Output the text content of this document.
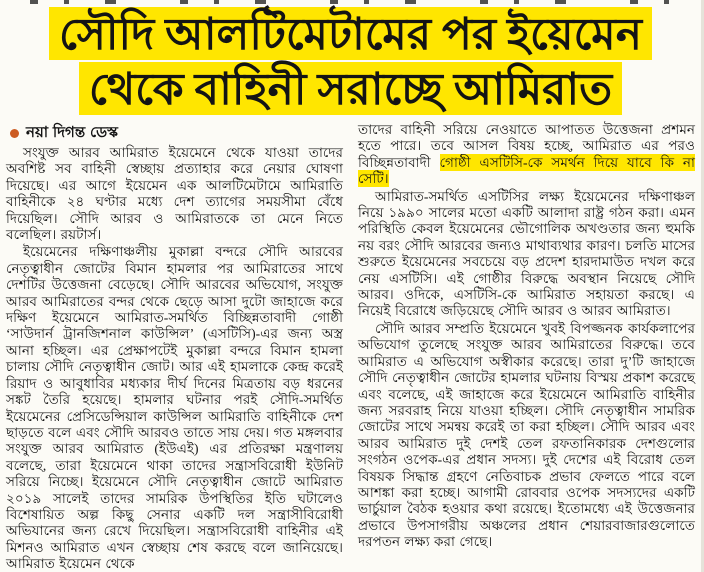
সৌদি আলটিমেটামের পর ইয়েমেন
থেকে বাহিনী সরাচ্ছে আমিরাত
নয়া দিগন্ত ডেস্ক

সংযুক্ত আরব আমিরাত ইয়েমেনে থেকে যাওয়া তাদের অবশিষ্ট সব বাহিনী স্বেচ্ছায় প্রত্যাহার করে নেয়ার ঘোষণা দিয়েছে। এর আগে ইয়েমেন এক আলটিমেটামে আমিরাতি বাহিনীকে ২৪ ঘণ্টার মধ্যে দেশ ত্যাগের সময়সীমা বেঁধে দিয়েছিল। সৌদি আরব ও আমিরাতকে তা মেনে নিতে বলেছিল। রয়টার্স।

ইয়েমেনের দক্ষিণাঞ্চলীয় মুকাল্লা বন্দরে সৌদি আরবের নেতৃত্বাধীন জোটের বিমান হামলার পর আমিরাতের সাথে দেশটির উত্তেজনা বেড়েছে। সৌদি আরবের অভিযোগ, সংযুক্ত আরব আমিরাতের বন্দর থেকে ছেড়ে আসা দুটো জাহাজে করে দক্ষিণ ইয়েমেনে আমিরাত-সমর্থিত বিচ্ছিন্নতাবাদী গোষ্ঠী ‘সাউদার্ন ট্রানজিশনাল কাউন্সিল’ (এসটিসি)-এর জন্য অস্ত্র আনা হচ্ছিল। এর প্রেক্ষাপটেই মুকাল্লা বন্দরে বিমান হামলা চালায় সৌদি নেতৃত্বাধীন জোট। আর এই হামলাকে কেন্দ্র করেই রিয়াদ ও আবুধাবির মধ্যকার দীর্ঘ দিনের মিত্রতায় বড় ধরনের সঙ্কট তৈরি হয়েছে। হামলার ঘটনার পরই সৌদি-সমর্থিত ইয়েমেনের প্রেসিডেন্সিয়াল কাউন্সিল আমিরাতি বাহিনীকে দেশ ছাড়তে বলে এবং সৌদি আরবও তাতে সায় দেয়। গত মঙ্গলবার সংযুক্ত আরব আমিরাত (ইউএই) এর প্রতিরক্ষা মন্ত্রণালয় বলেছে, তারা ইয়েমেনে থাকা তাদের সন্ত্রাসবিরোধী ইউনিট সরিয়ে নিচ্ছে। ইয়েমেনে সৌদি নেতৃত্বাধীন জোটে আমিরাত ২০১৯ সালেই তাদের সামরিক উপস্থিতির ইতি ঘটালেও বিশেষায়িত অল্প কিছু সেনার একটি দল সন্ত্রাসীবিরোধী অভিযানের জন্য রেখে দিয়েছিল। সন্ত্রাসবিরোধী বাহিনীর এই মিশনও আমিরাত এখন স্বেচ্ছায় শেষ করছে বলে জানিয়েছে। আমিরাত ইয়েমেন থেকে

তাদের বাহিনী সরিয়ে নেওয়াতে আপাতত উত্তেজনা প্রশমন হতে পারে। তবে আসল বিষয় হচ্ছে, আমিরাত এর পরও বিচ্ছিন্নতাবাদী গোষ্ঠী এসটিসি-কে সমর্থন দিয়ে যাবে কি না সেটি।

আমিরাত-সমর্থিত এসটিসির লক্ষ্য ইয়েমেনের দক্ষিণাঞ্চল নিয়ে ১৯৯০ সালের মতো একটি আলাদা রাষ্ট্র গঠন করা। এমন পরিস্থিতি কেবল ইয়েমেনের ভৌগোলিক অখণ্ডতার জন্য হুমকি নয় বরং সৌদি আরবের জন্যও মাথাব্যথার কারণ। চলতি মাসের শুরুতে ইয়েমেনের সবচেয়ে বড় প্রদেশ হারদামাউত দখল করে নেয় এসটিসি। এই গোষ্ঠীর বিরুদ্ধে অবস্থান নিয়েছে সৌদি আরব। ওদিকে, এসটিসি-কে আমিরাত সহায়তা করছে। এ নিয়েই বিরোধে জড়িয়েছে সৌদি আরব ও আরব আমিরাত।

সৌদি আরব সম্প্রতি ইয়েমেনে খুবই বিপজ্জনক কার্যকলাপের অভিযোগ তুলেছে সংযুক্ত আরব আমিরাতের বিরুদ্ধে। তবে আমিরাত এ অভিযোগ অস্বীকার করেছে। তারা দু’টি জাহাজে সৌদি নেতৃত্বাধীন জোটের হামলার ঘটনায় বিস্ময় প্রকাশ করেছে এবং বলেছে, এই জাহাজে করে ইয়েমেনে আমিরাতি বাহিনীর জন্য সরবরাহ নিয়ে যাওয়া হচ্ছিল। সৌদি নেতৃত্বাধীন সামরিক জোটের সাথে সমন্বয় করেই তা করা হচ্ছিল। সৌদি আরব এবং আরব আমিরাত দুই দেশই তেল রফতানিকারক দেশগুলোর সংগঠন ওপেক-এর প্রধান সদস্য। দুই দেশের এই বিরোধ তেল বিষয়ক সিদ্ধান্ত গ্রহণে নেতিবাচক প্রভাব ফেলতে পারে বলে আশঙ্কা করা হচ্ছে। আগামী রোববার ওপেক সদস্যদের একটি ভার্চুয়াল বৈঠক হওয়ার কথা রয়েছে। ইতোমধ্যে এই উত্তেজনার প্রভাবে উপসাগরীয় অঞ্চলের প্রধান শেয়ারবাজারগুলোতে দরপতন লক্ষ্য করা গেছে।
